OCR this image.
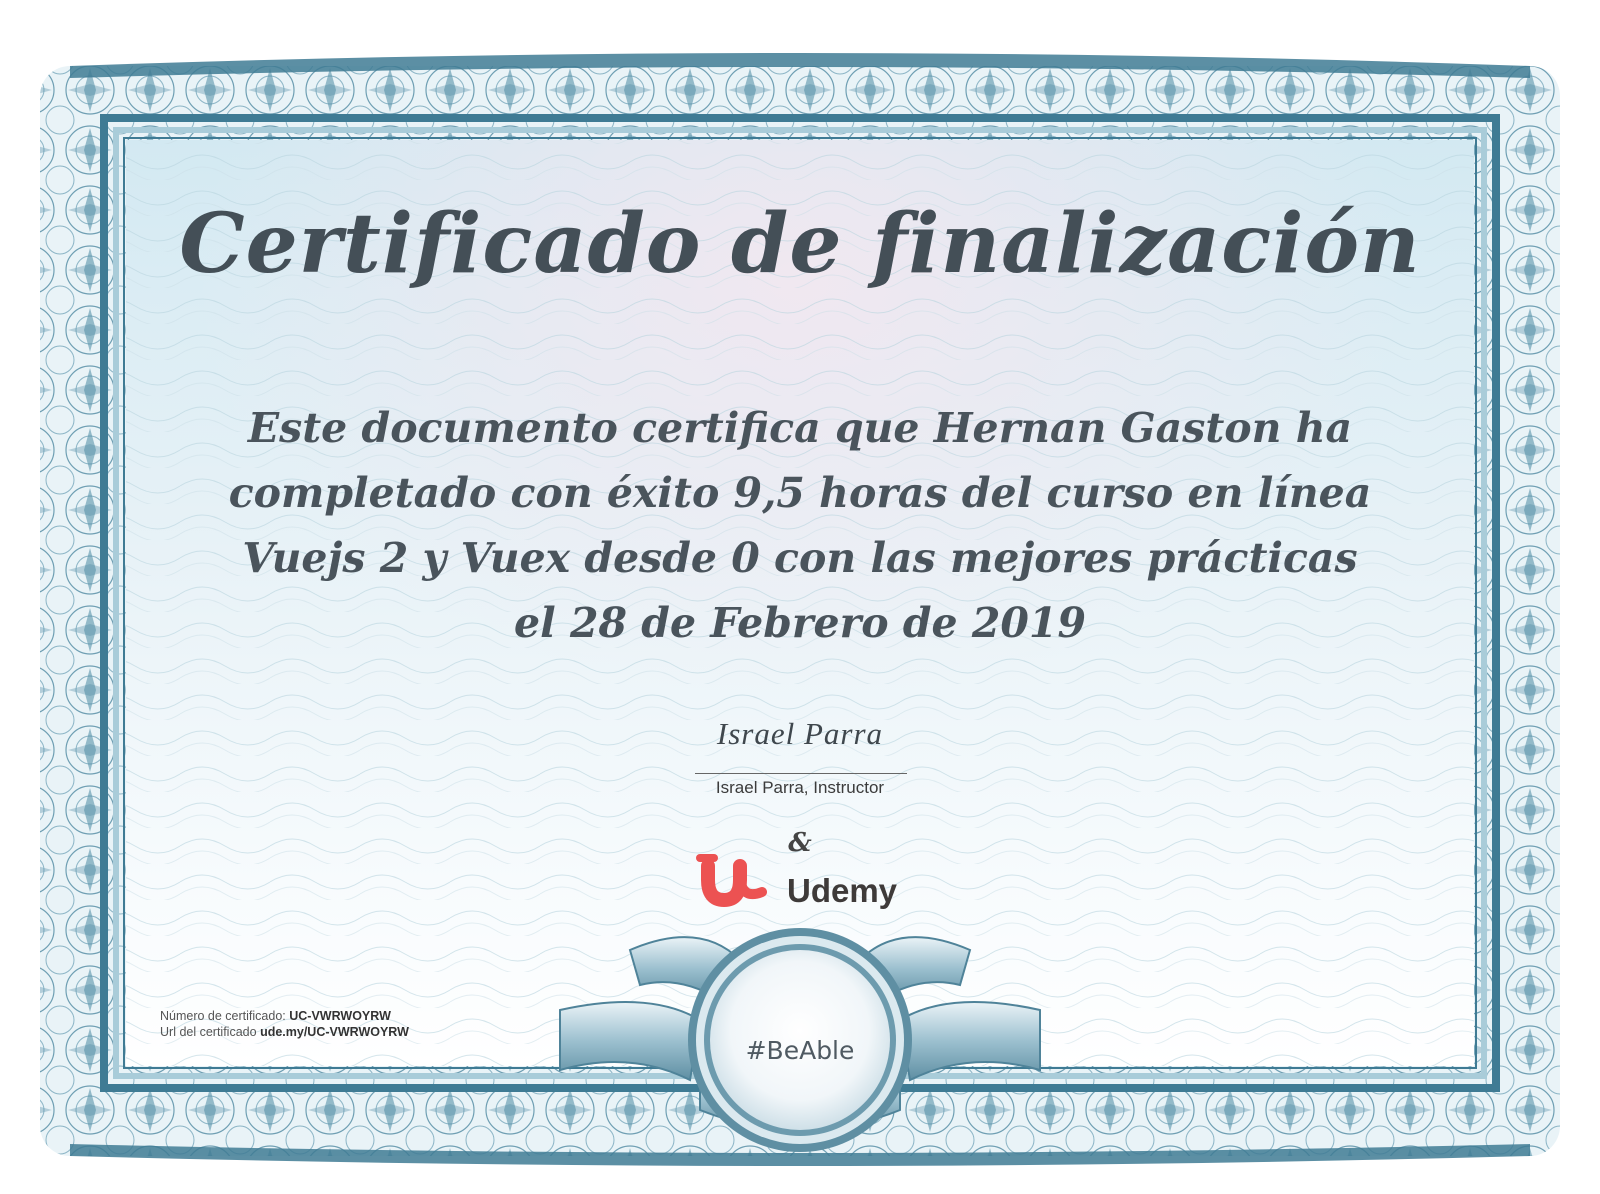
Certificado de finalización
Este documento certifica que Hernan Gaston ha
completado con éxito 9,5 horas del curso en línea
Vuejs 2 y Vuex desde 0 con las mejores prácticas
el 28 de Febrero de 2019
Israel Parra
Israel Parra, Instructor
&
Udemy
Número de certificado: UC-VWRWOYRW
Url del certificado ude.my/UC-VWRWOYRW
#BeAble
